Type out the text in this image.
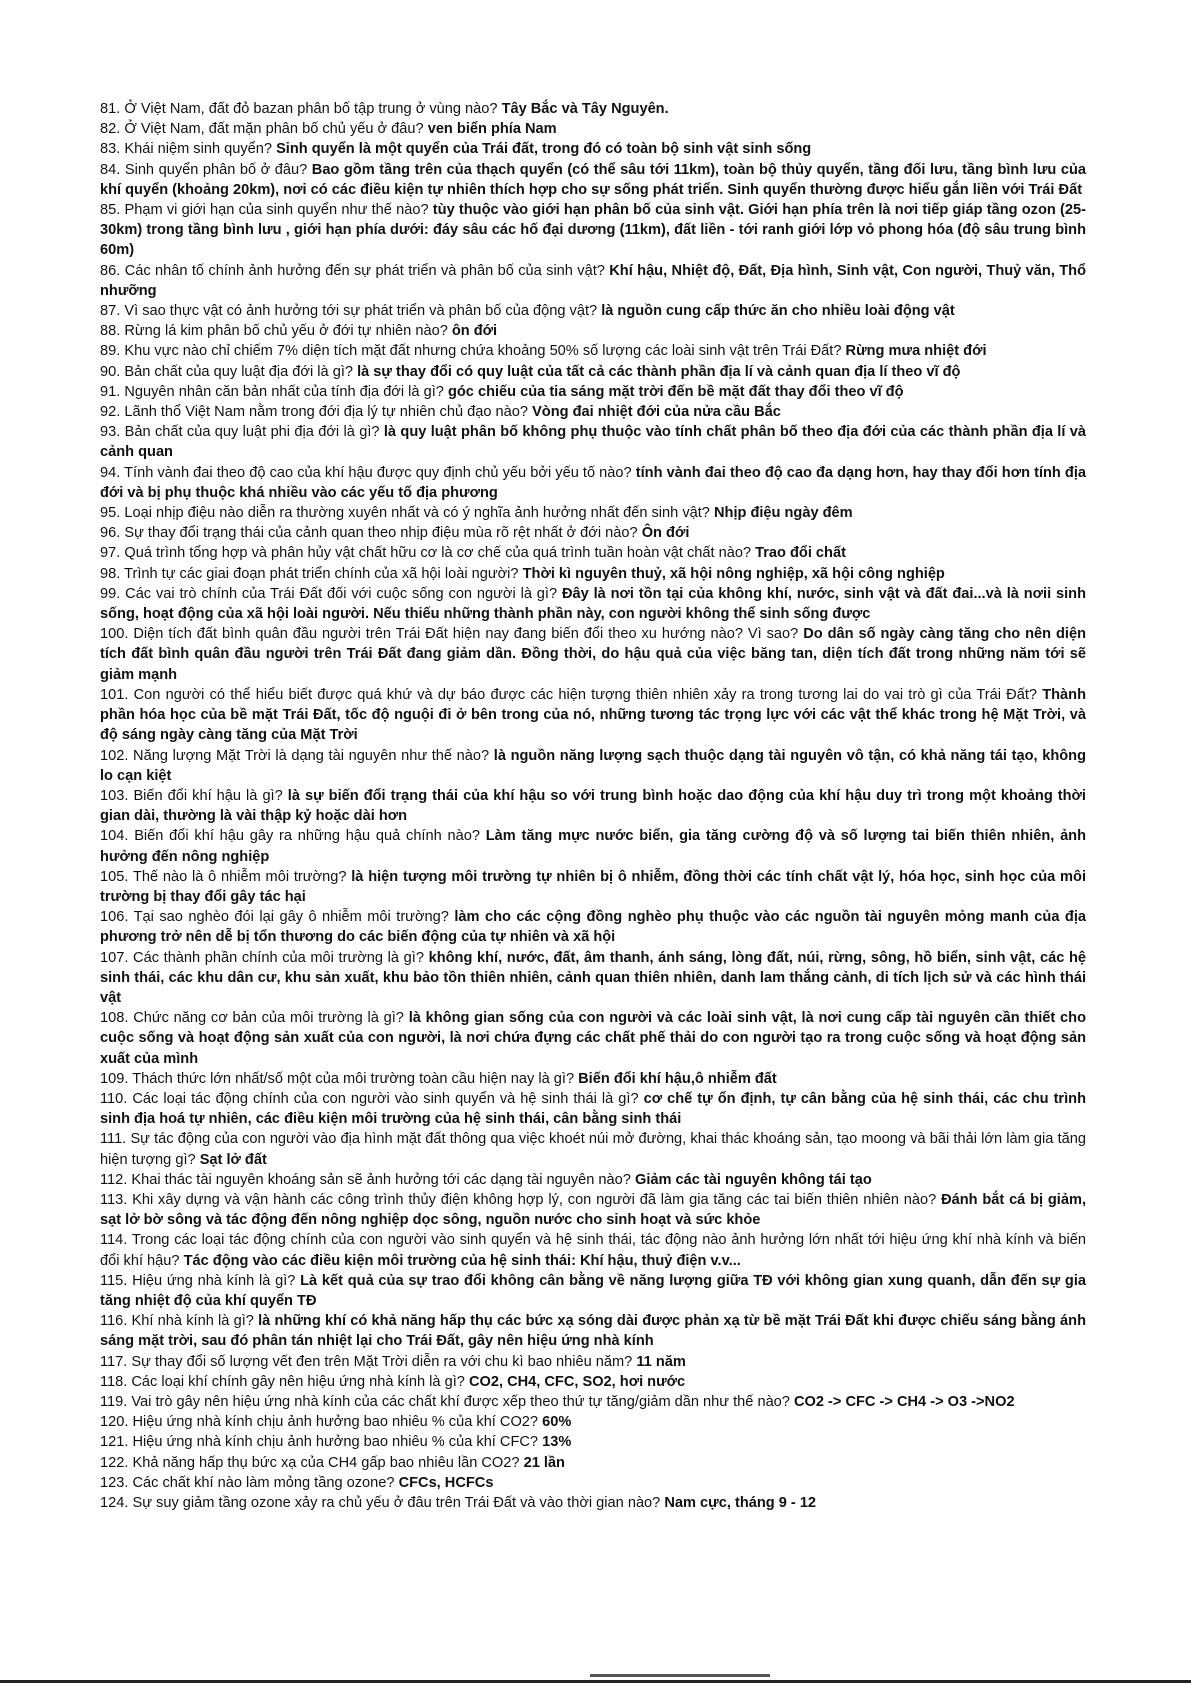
81. Ở Việt Nam, đất đỏ bazan phân bố tập trung ở vùng nào? Tây Bắc và Tây Nguyên.

82. Ở Việt Nam, đất mặn phân bố chủ yếu ở đâu? ven biển phía Nam

83. Khái niệm sinh quyển? Sinh quyển là một quyển của Trái đất, trong đó có toàn bộ sinh vật sinh sống

84. Sinh quyển phân bố ở đâu? Bao gồm tầng trên của thạch quyển (có thể sâu tới 11km), toàn bộ thủy quyển, tầng đối lưu, tầng bình lưu của khí quyển (khoảng 20km), nơi có các điều kiện tự nhiên thích hợp cho sự sống phát triển. Sinh quyển thường được hiểu gắn liền với Trái Đất

85. Phạm vi giới hạn của sinh quyển như thế nào? tùy thuộc vào giới hạn phân bố của sinh vật. Giới hạn phía trên là nơi tiếp giáp tầng ozon (25-30km) trong tầng bình lưu , giới hạn phía dưới: đáy sâu các hố đại dương (11km), đất liền - tới ranh giới lớp vỏ phong hóa (độ sâu trung bình 60m)

86. Các nhân tố chính ảnh hưởng đến sự phát triển và phân bố của sinh vật? Khí hậu, Nhiệt độ, Đất, Địa hình, Sinh vật, Con người, Thuỷ văn, Thổ nhưỡng

87. Vì sao thực vật có ảnh hưởng tới sự phát triển và phân bố của động vật? là nguồn cung cấp thức ăn cho nhiều loài động vật

88. Rừng lá kim phân bố chủ yếu ở đới tự nhiên nào? ôn đới

89. Khu vực nào chỉ chiếm 7% diện tích mặt đất nhưng chứa khoảng 50% số lượng các loài sinh vật trên Trái Đất? Rừng mưa nhiệt đới

90. Bản chất của quy luật địa đới là gì? là sự thay đổi có quy luật của tất cả các thành phần địa lí và cảnh quan địa lí theo vĩ độ

91. Nguyên nhân căn bản nhất của tính địa đới là gì? góc chiếu của tia sáng mặt trời đến bề mặt đất thay đổi theo vĩ độ

92. Lãnh thổ Việt Nam nằm trong đới địa lý tự nhiên chủ đạo nào? Vòng đai nhiệt đới của nửa cầu Bắc

93. Bản chất của quy luật phi địa đới là gì? là quy luật phân bố không phụ thuộc vào tính chất phân bố theo địa đới của các thành phần địa lí và cảnh quan

94. Tính vành đai theo độ cao của khí hậu được quy định chủ yếu bởi yếu tố nào? tính vành đai theo độ cao đa dạng hơn, hay thay đổi hơn tính địa đới và bị phụ thuộc khá nhiều vào các yếu tố địa phương

95. Loại nhịp điệu nào diễn ra thường xuyên nhất và có ý nghĩa ảnh hưởng nhất đến sinh vật? Nhịp điệu ngày đêm

96. Sự thay đổi trạng thái của cảnh quan theo nhịp điệu mùa rõ rệt nhất ở đới nào? Ôn đới

97. Quá trình tổng hợp và phân hủy vật chất hữu cơ là cơ chế của quá trình tuần hoàn vật chất nào? Trao đổi chất

98. Trình tự các giai đoạn phát triển chính của xã hội loài người? Thời kì nguyên thuỷ, xã hội nông nghiệp, xã hội công nghiệp

99. Các vai trò chính của Trái Đất đối với cuộc sống con người là gì? Đây là nơi tồn tại của không khí, nước, sinh vật và đất đai...và là nơii sinh sống, hoạt động của xã hội loài người. Nếu thiếu những thành phần này, con người không thể sinh sống được

100. Diện tích đất bình quân đầu người trên Trái Đất hiện nay đang biến đổi theo xu hướng nào? Vì sao? Do dân số ngày càng tăng cho nên diện tích đất bình quân đầu người trên Trái Đất đang giảm dần. Đồng thời, do hậu quả của việc băng tan, diện tích đất trong những năm tới sẽ giảm mạnh

101. Con người có thể hiểu biết được quá khứ và dự báo được các hiện tượng thiên nhiên xảy ra trong tương lai do vai trò gì của Trái Đất? Thành phần hóa học của bề mặt Trái Đất, tốc độ nguội đi ở bên trong của nó, những tương tác trọng lực với các vật thể khác trong hệ Mặt Trời, và độ sáng ngày càng tăng của Mặt Trời

102. Năng lượng Mặt Trời là dạng tài nguyên như thế nào? là nguồn năng lượng sạch thuộc dạng tài nguyên vô tận, có khả năng tái tạo, không lo cạn kiệt

103. Biến đổi khí hậu là gì? là sự biến đổi trạng thái của khí hậu so với trung bình hoặc dao động của khí hậu duy trì trong một khoảng thời gian dài, thường là vài thập kỷ hoặc dài hơn

104. Biến đổi khí hậu gây ra những hậu quả chính nào? Làm tăng mực nước biển, gia tăng cường độ và số lượng tai biến thiên nhiên, ảnh hưởng đến nông nghiệp

105. Thế nào là ô nhiễm môi trường? là hiện tượng môi trường tự nhiên bị ô nhiễm, đồng thời các tính chất vật lý, hóa học, sinh học của môi trường bị thay đổi gây tác hại

106. Tại sao nghèo đói lại gây ô nhiễm môi trường? làm cho các cộng đồng nghèo phụ thuộc vào các nguồn tài nguyên mỏng manh của địa phương trở nên dễ bị tổn thương do các biến động của tự nhiên và xã hội

107. Các thành phần chính của môi trường là gì? không khí, nước, đất, âm thanh, ánh sáng, lòng đất, núi, rừng, sông, hồ biển, sinh vật, các hệ sinh thái, các khu dân cư, khu sản xuất, khu bảo tồn thiên nhiên, cảnh quan thiên nhiên, danh lam thắng cảnh, di tích lịch sử và các hình thái vật

108. Chức năng cơ bản của môi trường là gì? là không gian sống của con người và các loài sinh vật, là nơi cung cấp tài nguyên cần thiết cho cuộc sống và hoạt động sản xuất của con người, là nơi chứa đựng các chất phế thải do con người tạo ra trong cuộc sống và hoạt động sản xuất của mình

109. Thách thức lớn nhất/số một của môi trường toàn cầu hiện nay là gì? Biến đổi khí hậu,ô nhiễm đất

110. Các loại tác động chính của con người vào sinh quyển và hệ sinh thái là gì? cơ chế tự ổn định, tự cân bằng của hệ sinh thái, các chu trình sinh địa hoá tự nhiên, các điều kiện môi trường của hệ sinh thái, cân bằng sinh thái

111. Sự tác động của con người vào địa hình mặt đất thông qua việc khoét núi mở đường, khai thác khoáng sản, tạo moong và bãi thải lớn làm gia tăng hiện tượng gì? Sạt lở đất

112. Khai thác tài nguyên khoáng sản sẽ ảnh hưởng tới các dạng tài nguyên nào? Giảm các tài nguyên không tái tạo

113. Khi xây dựng và vận hành các công trình thủy điện không hợp lý, con người đã làm gia tăng các tai biến thiên nhiên nào? Đánh bắt cá bị giảm, sạt lở bờ sông và tác động đến nông nghiệp dọc sông, nguồn nước cho sinh hoạt và sức khỏe

114. Trong các loại tác động chính của con người vào sinh quyển và hệ sinh thái, tác động nào ảnh hưởng lớn nhất tới hiệu ứng khí nhà kính và biến đổi khí hậu? Tác động vào các điều kiện môi trường của hệ sinh thái: Khí hậu, thuỷ điện v.v...

115. Hiệu ứng nhà kính là gì? Là kết quả của sự trao đổi không cân bằng về năng lượng giữa TĐ với không gian xung quanh, dẫn đến sự gia tăng nhiệt độ của khí quyển TĐ

116. Khí nhà kính là gì? là những khí có khả năng hấp thụ các bức xạ sóng dài được phản xạ từ bề mặt Trái Đất khi được chiếu sáng bằng ánh sáng mặt trời, sau đó phân tán nhiệt lại cho Trái Đất, gây nên hiệu ứng nhà kính

117. Sự thay đổi số lượng vết đen trên Mặt Trời diễn ra với chu kì bao nhiêu năm? 11 năm

118. Các loại khí chính gây nên hiệu ứng nhà kính là gì? CO2, CH4, CFC, SO2, hơi nước

119. Vai trò gây nên hiệu ứng nhà kính của các chất khí được xếp theo thứ tự tăng/giảm dần như thế nào? CO2 -> CFC -> CH4 -> O3 ->NO2

120. Hiệu ứng nhà kính chịu ảnh hưởng bao nhiêu % của khí CO2? 60%

121. Hiệu ứng nhà kính chịu ảnh hưởng bao nhiêu % của khí CFC? 13%

122. Khả năng hấp thụ bức xạ của CH4 gấp bao nhiêu lần CO2? 21 lần

123. Các chất khí nào làm mỏng tầng ozone? CFCs, HCFCs

124. Sự suy giảm tầng ozone xảy ra chủ yếu ở đâu trên Trái Đất và vào thời gian nào? Nam cực, tháng 9 - 12
